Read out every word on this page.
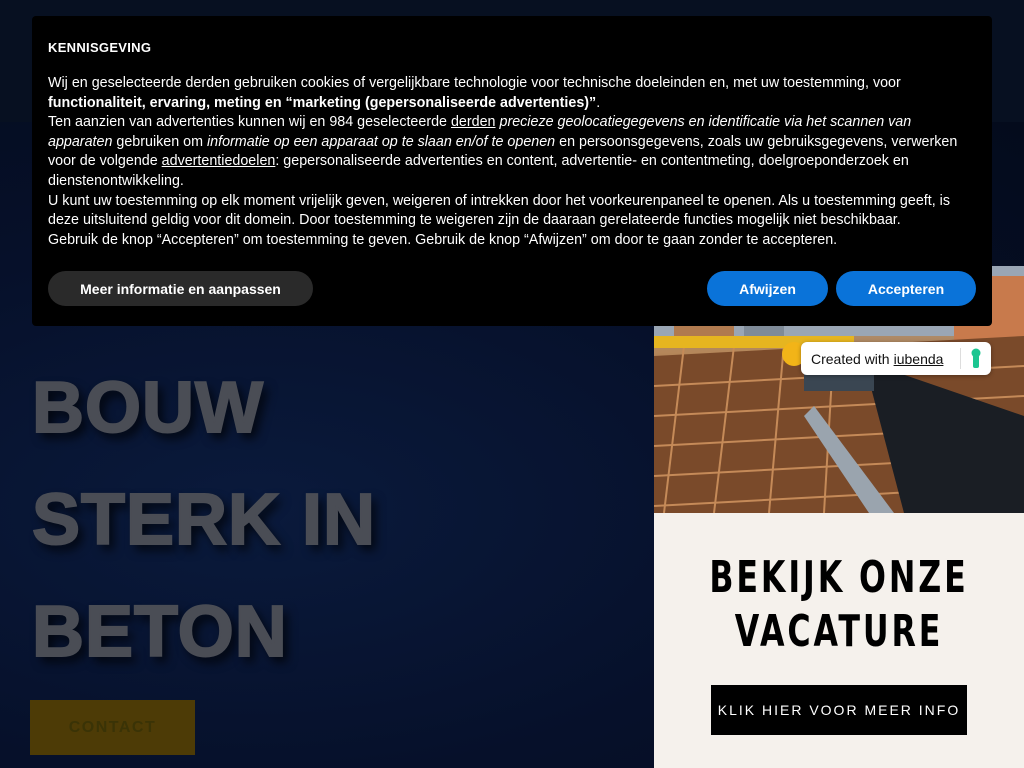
BOUW
STERK IN
BETON
CONTACT
BEKIJK ONZE
VACATURE
KLIK HIER VOOR MEER INFO
Created with iubenda
KENNISGEVING

Wij en geselecteerde derden gebruiken cookies of vergelijkbare technologie voor technische doeleinden en, met uw toestemming, voor functionaliteit, ervaring, meting en “marketing (gepersonaliseerde advertenties)”.

Ten aanzien van advertenties kunnen wij en 984 geselecteerde derden precieze geolocatiegegevens en identificatie via het scannen van apparaten gebruiken om informatie op een apparaat op te slaan en/of te openen en persoonsgegevens, zoals uw gebruiksgegevens, verwerken voor de volgende advertentiedoelen: gepersonaliseerde advertenties en content, advertentie- en contentmeting, doelgroeponderzoek en dienstenontwikkeling.

U kunt uw toestemming op elk moment vrijelijk geven, weigeren of intrekken door het voorkeurenpaneel te openen. Als u toestemming geeft, is deze uitsluitend geldig voor dit domein. Door toestemming te weigeren zijn de daaraan gerelateerde functies mogelijk niet beschikbaar.

Gebruik de knop “Accepteren” om toestemming te geven. Gebruik de knop “Afwijzen” om door te gaan zonder te accepteren.

Meer informatie en aanpassen	Afwijzen	Accepteren
